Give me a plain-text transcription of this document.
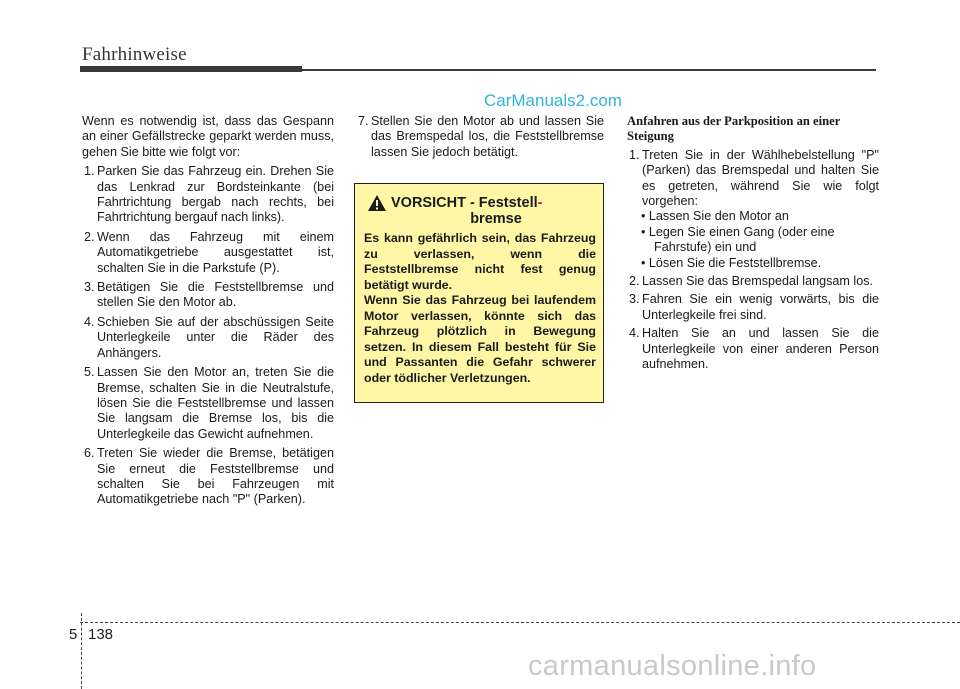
Fahrhinweise
CarManuals2.com

Wenn es notwendig ist, dass das Gespann an einer Gefällstrecke geparkt werden muss, gehen Sie bitte wie folgt vor:

1. Parken Sie das Fahrzeug ein. Drehen Sie das Lenkrad zur Bordsteinkante (bei Fahrtrichtung bergab nach rechts, bei Fahrtrichtung bergauf nach links).

2. Wenn das Fahrzeug mit einem Automatikgetriebe ausgestattet ist, schalten Sie in die Parkstufe (P).

3. Betätigen Sie die Feststellbremse und stellen Sie den Motor ab.

4. Schieben Sie auf der abschüssigen Seite Unterlegkeile unter die Räder des Anhängers.

5. Lassen Sie den Motor an, treten Sie die Bremse, schalten Sie in die Neutralstufe, lösen Sie die Feststellbremse und lassen Sie langsam die Bremse los, bis die Unterlegkeile das Gewicht aufnehmen.

6. Treten Sie wieder die Bremse, betätigen Sie erneut die Feststellbremse und schalten Sie bei Fahrzeugen mit Automatikgetriebe nach "P" (Parken).

7. Stellen Sie den Motor ab und lassen Sie das Bremspedal los, die Feststellbremse lassen Sie jedoch betätigt.

VORSICHT - Feststell-
bremse

Es kann gefährlich sein, das Fahrzeug zu verlassen, wenn die Feststellbremse nicht fest genug betätigt wurde.

Wenn Sie das Fahrzeug bei laufendem Motor verlassen, könnte sich das Fahrzeug plötzlich in Bewegung setzen. In diesem Fall besteht für Sie und Passanten die Gefahr schwerer oder tödlicher Verletzungen.

Anfahren aus der Parkposition an einer Steigung

1. Treten Sie in der Wählhebelstellung "P" (Parken) das Bremspedal und halten Sie es getreten, während Sie wie folgt vorgehen:

• Lassen Sie den Motor an

• Legen Sie einen Gang (oder eine Fahrstufe) ein und

• Lösen Sie die Feststellbremse.

2. Lassen Sie das Bremspedal langsam los.

3. Fahren Sie ein wenig vorwärts, bis die Unterlegkeile frei sind.

4. Halten Sie an und lassen Sie die Unterlegkeile von einer anderen Person aufnehmen.

5 138
carmanualsonline.info
